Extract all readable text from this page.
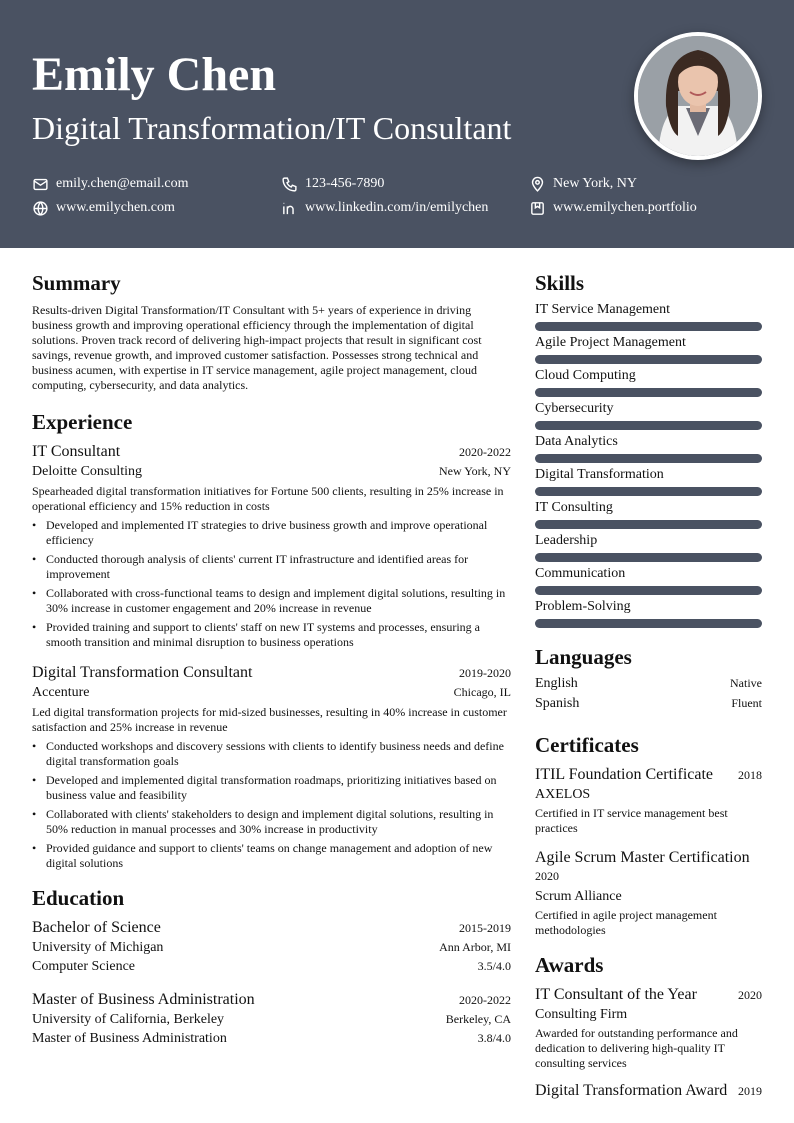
Emily Chen
Digital Transformation/IT Consultant
emily.chen@email.com	123-456-7890	New York, NY
www.emilychen.com	www.linkedin.com/in/emilychen	www.emilychen.portfolio
Summary
Results-driven Digital Transformation/IT Consultant with 5+ years of experience in driving business growth and improving operational efficiency through the implementation of digital solutions. Proven track record of delivering high-impact projects that result in significant cost savings, revenue growth, and improved customer satisfaction. Possesses strong technical and business acumen, with expertise in IT service management, agile project management, cloud computing, cybersecurity, and data analytics.
Experience
IT Consultant	2020-2022
Deloitte Consulting	New York, NY
Spearheaded digital transformation initiatives for Fortune 500 clients, resulting in 25% increase in operational efficiency and 15% reduction in costs
• Developed and implemented IT strategies to drive business growth and improve operational efficiency
• Conducted thorough analysis of clients' current IT infrastructure and identified areas for improvement
• Collaborated with cross-functional teams to design and implement digital solutions, resulting in 30% increase in customer engagement and 20% increase in revenue
• Provided training and support to clients' staff on new IT systems and processes, ensuring a smooth transition and minimal disruption to business operations
Digital Transformation Consultant	2019-2020
Accenture	Chicago, IL
Led digital transformation projects for mid-sized businesses, resulting in 40% increase in customer satisfaction and 25% increase in revenue
• Conducted workshops and discovery sessions with clients to identify business needs and define digital transformation goals
• Developed and implemented digital transformation roadmaps, prioritizing initiatives based on business value and feasibility
• Collaborated with clients' stakeholders to design and implement digital solutions, resulting in 50% reduction in manual processes and 30% increase in productivity
• Provided guidance and support to clients' teams on change management and adoption of new digital solutions
Education
Bachelor of Science	2015-2019
University of Michigan	Ann Arbor, MI
Computer Science	3.5/4.0
Master of Business Administration	2020-2022
University of California, Berkeley	Berkeley, CA
Master of Business Administration	3.8/4.0
Skills
IT Service Management
Agile Project Management
Cloud Computing
Cybersecurity
Data Analytics
Digital Transformation
IT Consulting
Leadership
Communication
Problem-Solving
Languages
English	Native
Spanish	Fluent
Certificates
ITIL Foundation Certificate 2018
AXELOS
Certified in IT service management best practices
Agile Scrum Master Certification
2020
Scrum Alliance
Certified in agile project management methodologies
Awards
IT Consultant of the Year	2020
Consulting Firm
Awarded for outstanding performance and dedication to delivering high-quality IT consulting services
Digital Transformation Award 2019
